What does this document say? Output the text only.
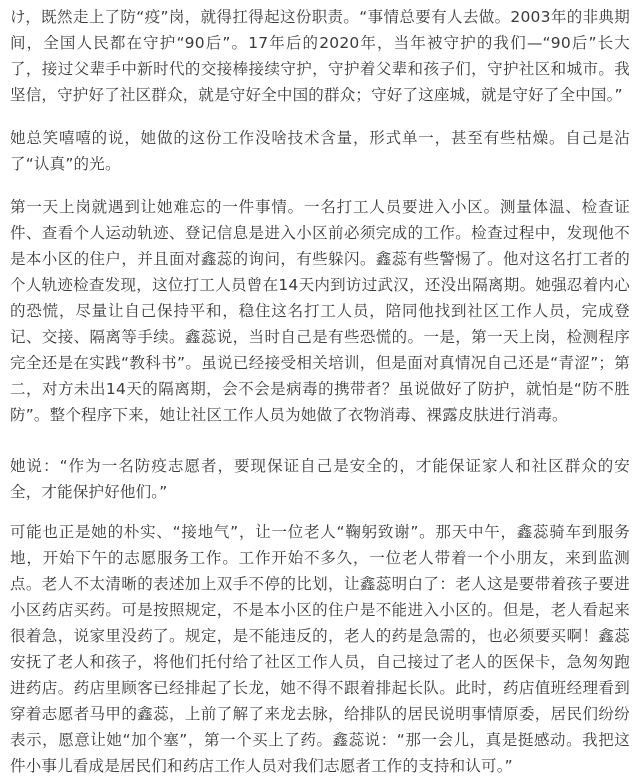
け，既然走上了防“疫”岗，就得扛得起这份职责。“事情总要有人去做。2003年的非典期间，全国人民都在守护“90后”。17年后的2020年，当年被守护的我们—“90后”长大了，接过父辈手中新时代的交接棒接续守护，守护着父辈和孩子们，守护社区和城市。我坚信，守护好了社区群众，就是守好全中国的群众；守好了这座城，就是守好了全中国。”

她总笑嘻嘻的说，她做的这份工作没啥技术含量，形式单一，甚至有些枯燥。自己是沾了“认真”的光。

第一天上岗就遇到让她难忘的一件事情。一名打工人员要进入小区。测量体温、检查证件、查看个人运动轨迹、登记信息是进入小区前必须完成的工作。检查过程中，发现他不是本小区的住户，并且面对鑫蕊的询问，有些躲闪。鑫蕊有些警惕了。他对这名打工者的个人轨迹检查发现，这位打工人员曾在14天内到访过武汉，还没出隔离期。她强忍着内心的恐慌，尽量让自己保持平和，稳住这名打工人员，陪同他找到社区工作人员，完成登记、交接、隔离等手续。鑫蕊说，当时自己是有些恐慌的。一是，第一天上岗，检测程序完全还是在实践“教科书”。虽说已经接受相关培训，但是面对真情况自己还是“青涩”；第二，对方未出14天的隔离期，会不会是病毒的携带者？虽说做好了防护，就怕是“防不胜防”。整个程序下来，她让社区工作人员为她做了衣物消毒、裸露皮肤进行消毒。

她说：“作为一名防疫志愿者，要现保证自己是安全的，才能保证家人和社区群众的安全，才能保护好他们。”

可能也正是她的朴实、“接地气”，让一位老人“鞠躬致谢”。那天中午，鑫蕊骑车到服务地，开始下午的志愿服务工作。工作开始不多久，一位老人带着一个小朋友，来到监测点。老人不太清晰的表述加上双手不停的比划，让鑫蕊明白了：老人这是要带着孩子要进小区药店买药。可是按照规定，不是本小区的住户是不能进入小区的。但是，老人看起来很着急，说家里没药了。规定，是不能违反的，老人的药是急需的，也必须要买啊！鑫蕊安抚了老人和孩子，将他们托付给了社区工作人员，自己接过了老人的医保卡，急匆匆跑进药店。药店里顾客已经排起了长龙，她不得不跟着排起长队。此时，药店值班经理看到穿着志愿者马甲的鑫蕊，上前了解了来龙去脉，给排队的居民说明事情原委，居民们纷纷表示，愿意让她“加个塞”，第一个买上了药。鑫蕊说：“那一会儿，真是挺感动。我把这件小事儿看成是居民们和药店工作人员对我们志愿者工作的支持和认可。”
